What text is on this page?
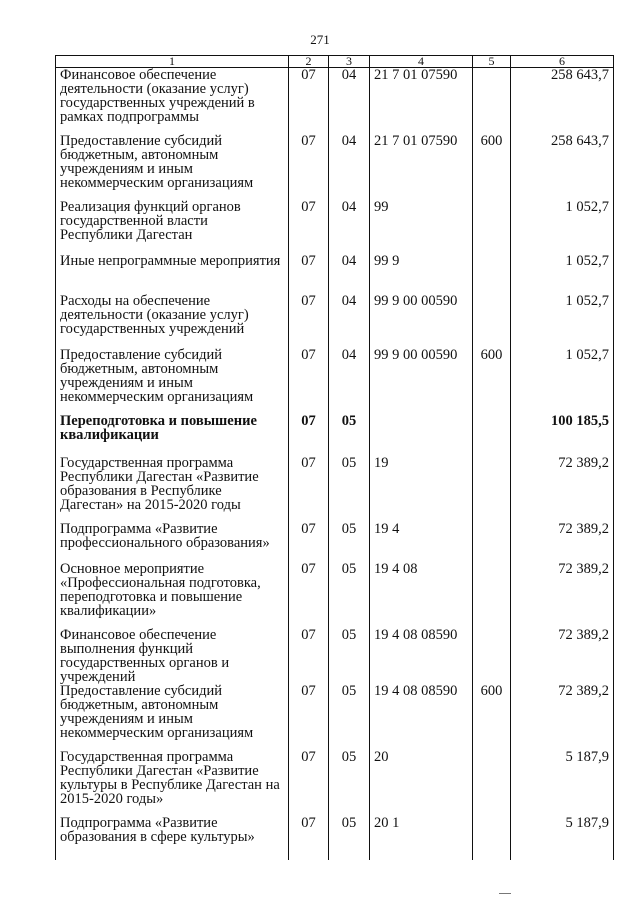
271
1	2	3	4	5	6
Финансовое обеспечение деятельности (оказание услуг) государственных учреждений в рамках подпрограммы	07	04	21 7 01 07590		258 643,7
Предоставление субсидий бюджетным, автономным учреждениям и иным некоммерческим организациям	07	04	21 7 01 07590	600	258 643,7
Реализация функций органов государственной власти Республики Дагестан	07	04	99		1 052,7
Иные непрограммные мероприятия	07	04	99 9		1 052,7
Расходы на обеспечение деятельности (оказание услуг) государственных учреждений	07	04	99 9 00 00590		1 052,7
Предоставление субсидий бюджетным, автономным учреждениям и иным некоммерческим организациям	07	04	99 9 00 00590	600	1 052,7
Переподготовка и повышение квалификации	07	05			100 185,5
Государственная программа Республики Дагестан «Развитие образования в Республике Дагестан» на 2015-2020 годы	07	05	19		72 389,2
Подпрограмма «Развитие профессионального образования»	07	05	19 4		72 389,2
Основное мероприятие «Профессиональная подготовка, переподготовка и повышение квалификации»	07	05	19 4 08		72 389,2
Финансовое обеспечение выполнения функций государственных органов и учреждений	07	05	19 4 08 08590		72 389,2
Предоставление субсидий бюджетным, автономным учреждениям и иным некоммерческим организациям	07	05	19 4 08 08590	600	72 389,2
Государственная программа Республики Дагестан «Развитие культуры в Республике Дагестан на 2015-2020 годы»	07	05	20		5 187,9
Подпрограмма «Развитие образования в сфере культуры»	07	05	20 1		5 187,9
